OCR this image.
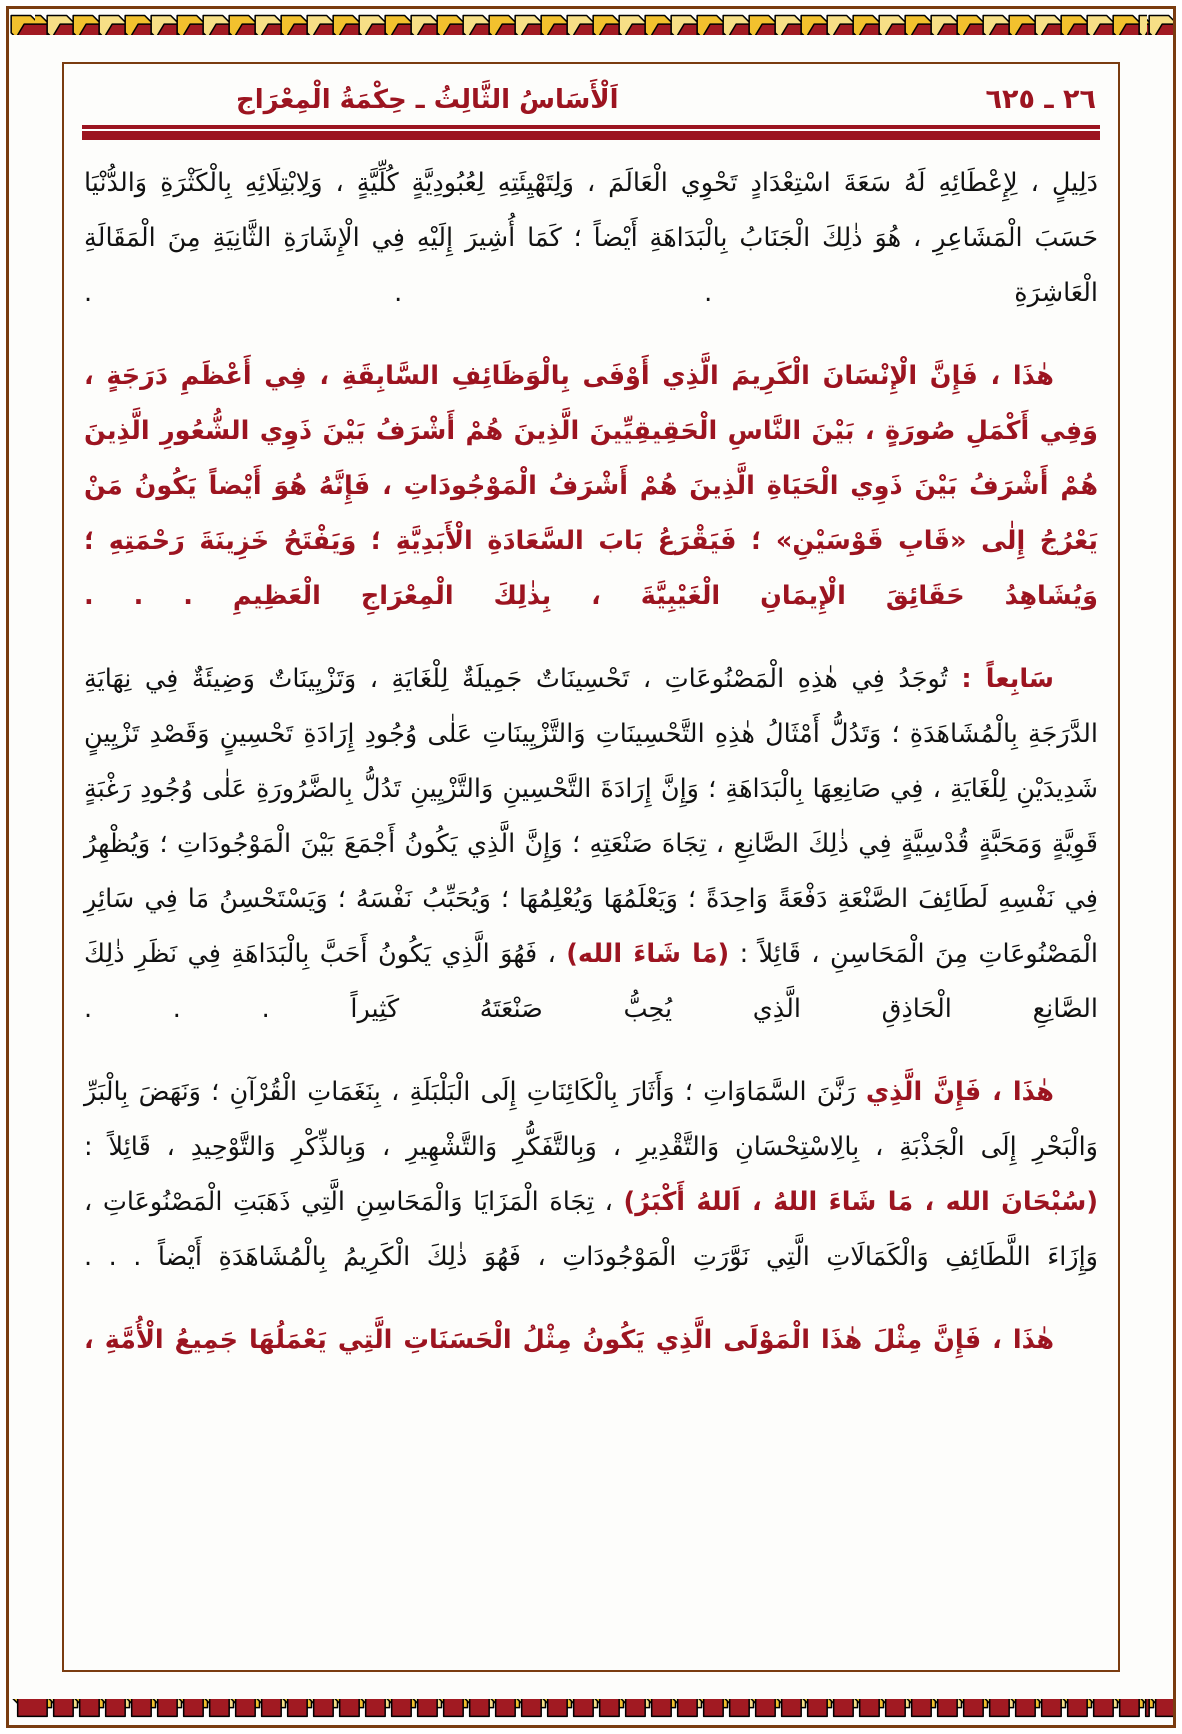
٢٦ ـ ٦٢٥
اَلْأَسَاسُ الثَّالِثُ ـ حِكْمَةُ الْمِعْرَاج

دَلِيلٍ ، لِإِعْطَائِهِ لَهُ سَعَةَ اسْتِعْدَادٍ تَحْوِي الْعَالَمَ ، وَلِتَهْيِئَتِهِ لِعُبُودِيَّةٍ كُلِّيَّةٍ ، وَلِابْتِلَائِهِ بِالْكَثْرَةِ وَالدُّنْيَا حَسَبَ الْمَشَاعِرِ ، هُوَ ذٰلِكَ الْجَنَابُ بِالْبَدَاهَةِ أَيْضاً ؛ كَمَا أُشِيرَ إِلَيْهِ فِي الْإِشَارَةِ الثَّانِيَةِ مِنَ الْمَقَالَةِ الْعَاشِرَةِ . . .

هٰذَا ، فَإِنَّ الْإِنْسَانَ الْكَرِيمَ الَّذِي أَوْفَى بِالْوَظَائِفِ السَّابِقَةِ ، فِي أَعْظَمِ دَرَجَةٍ ، وَفِي أَكْمَلِ صُورَةٍ ، بَيْنَ النَّاسِ الْحَقِيقِيِّينَ الَّذِينَ هُمْ أَشْرَفُ بَيْنَ ذَوِي الشُّعُورِ الَّذِينَ هُمْ أَشْرَفُ بَيْنَ ذَوِي الْحَيَاةِ الَّذِينَ هُمْ أَشْرَفُ الْمَوْجُودَاتِ ، فَإِنَّهُ هُوَ أَيْضاً يَكُونُ مَنْ يَعْرُجُ إِلٰى «قَابِ قَوْسَيْنِ» ؛ فَيَقْرَعُ بَابَ السَّعَادَةِ الْأَبَدِيَّةِ ؛ وَيَفْتَحُ خَزِينَةَ رَحْمَتِهِ ؛ وَيُشَاهِدُ حَقَائِقَ الْإِيمَانِ الْغَيْبِيَّةَ ، بِذٰلِكَ الْمِعْرَاجِ الْعَظِيمِ . . .

سَابِعاً : تُوجَدُ فِي هٰذِهِ الْمَصْنُوعَاتِ ، تَحْسِينَاتٌ جَمِيلَةٌ لِلْغَايَةِ ، وَتَزْيِينَاتٌ وَضِيئَةٌ فِي نِهَايَةِ الدَّرَجَةِ بِالْمُشَاهَدَةِ ؛ وَتَدُلُّ أَمْثَالُ هٰذِهِ التَّحْسِينَاتِ وَالتَّزْيِينَاتِ عَلٰى وُجُودِ إِرَادَةِ تَحْسِينٍ وَقَصْدِ تَزْيِينٍ شَدِيدَيْنِ لِلْغَايَةِ ، فِي صَانِعِهَا بِالْبَدَاهَةِ ؛ وَإِنَّ إِرَادَةَ التَّحْسِينِ وَالتَّزْيِينِ تَدُلُّ بِالضَّرُورَةِ عَلٰى وُجُودِ رَغْبَةٍ قَوِيَّةٍ وَمَحَبَّةٍ قُدْسِيَّةٍ فِي ذٰلِكَ الصَّانِعِ ، تِجَاهَ صَنْعَتِهِ ؛ وَإِنَّ الَّذِي يَكُونُ أَجْمَعَ بَيْنَ الْمَوْجُودَاتِ ؛ وَيُظْهِرُ فِي نَفْسِهِ لَطَائِفَ الصَّنْعَةِ دَفْعَةً وَاحِدَةً ؛ وَيَعْلَمُهَا وَيُعْلِمُهَا ؛ وَيُحَبِّبُ نَفْسَهُ ؛ وَيَسْتَحْسِنُ مَا فِي سَائِرِ الْمَصْنُوعَاتِ مِنَ الْمَحَاسِنِ ، قَائِلاً : (مَا شَاءَ الله) ، فَهُوَ الَّذِي يَكُونُ أَحَبَّ بِالْبَدَاهَةِ فِي نَظَرِ ذٰلِكَ الصَّانِعِ الْحَاذِقِ الَّذِي يُحِبُّ صَنْعَتَهُ كَثِيراً . . .

هٰذَا ، فَإِنَّ الَّذِي رَنَّنَ السَّمَاوَاتِ ؛ وَأَثَارَ بِالْكَائِنَاتِ إِلَى الْبَلْبَلَةِ ، بِنَغَمَاتِ الْقُرْآنِ ؛ وَنَهَضَ بِالْبَرِّ وَالْبَحْرِ إِلَى الْجَذْبَةِ ، بِالِاسْتِحْسَانِ وَالتَّقْدِيرِ ، وَبِالتَّفَكُّرِ وَالتَّشْهِيرِ ، وَبِالذِّكْرِ وَالتَّوْحِيدِ ، قَائِلاً : (سُبْحَانَ الله ، مَا شَاءَ اللهُ ، اَللهُ أَكْبَرُ) ، تِجَاهَ الْمَزَايَا وَالْمَحَاسِنِ الَّتِي ذَهَبَتِ الْمَصْنُوعَاتِ ، وَإِزَاءَ اللَّطَائِفِ وَالْكَمَالَاتِ الَّتِي نَوَّرَتِ الْمَوْجُودَاتِ ، فَهُوَ ذٰلِكَ الْكَرِيمُ بِالْمُشَاهَدَةِ أَيْضاً . . .

هٰذَا ، فَإِنَّ مِثْلَ هٰذَا الْمَوْلَى الَّذِي يَكُونُ مِثْلُ الْحَسَنَاتِ الَّتِي يَعْمَلُهَا جَمِيعُ الْأُمَّةِ ،
